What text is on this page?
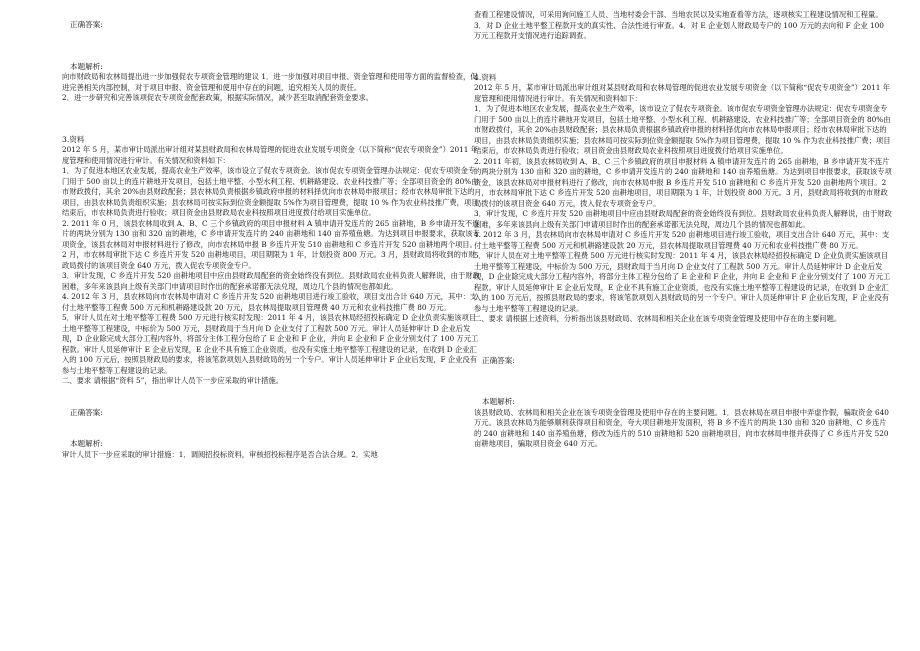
正确答案:

本题解析:

向市财政局和农林局提出进一步加强促农专项资金管理的建议 1．进一步加强对项目申报、资金管理和使用等方面的监督检查，促进完善相关内部控制，对于项目申报、资金管理和使用中存在的问题，追究相关人员的责任。

2．进一步研究和完善该项促农专项资金配套政策，根据实际情况，减少甚至取消配套资金要求。

3.资料

2012 年 5 月，某市审计局派出审计组对某县财政局和农林局管理的促进农业发展专项资金（以下简称“促农专项资金”）2011 年度管理和使用情况进行审计。有关情况和资料如下：

1．为了促进本地区农业发展，提高农业生产效率，该市设立了促农专项资金。该市促农专项资金管理办法规定：促农专项资金专门用于 500 亩以上的连片耕地开发项目，包括土地平整、小型水利工程、机耕路建设、农业科技推广等；全部项目资金的 80%由市财政拨付，其余 20%由县财政配套；县农林局负责根据乡镇政府申报的材料择优向市农林局申报项目；经市农林局审批下达的项目，由县农林局负责组织实施；县农林局可按实际到位资金额提取 5%作为项目管理费，提取 10 % 作为农业科技推广费，项目结束后，市农林局负责进行验收；项目资金由县财政局农业科按照项目进度拨付给项目实施单位。

2. 2011 年 0 月，该县农林局收到 A、B、C 三个乡镇政府的项目申报材料 A 镇申请开发连片的 265 亩耕地，B 乡申请开发不连片的两块分别为 130 亩和 320 亩的耕地，C 乡申请开发连片的 240 亩耕地和 140 亩养殖鱼塘。为达到项目申报要求，获取该专项资金，该县农林局对申报材料进行了修改，向市农林局申报 B 乡连片开发 510 亩耕地和 C 乡连片开发 520 亩耕地两个项目。2 月，市农林局审批下达 C 乡连片开发 520 亩耕地项目，项目期限为 1 年，计划投资 800 万元。3 月，县财政局将收到的市财政局拨付的该项目资金 640 万元，拨入促农专项资金专户。

3．审计发现，C 乡连片开发 520 亩耕地项目中应由县财政局配套的资金始终没有到位。县财政局农业科负责人解释说，由于财政困难，多年来该县向上级有关部门申请项目时作出的配套承诺都无法兑现，周边几个县的情况也都如此。

4. 2012 年 3 月，县农林局向市农林局申请对 C 乡连片开发 520 亩耕地项目进行竣工验收，项目支出合计 640 万元，其中：支付土地平整等工程费 500 万元和机耕路建设款 20 万元，县农林局提取项目管理费 40 万元和农业科技推广费 80 万元。

5．审计人员在对土地平整等工程费 500 万元进行核实时发现：2011 年 4 月，该县农林局经招投标确定 D 企业负责实施该项目土地平整等工程建设，中标价为 500 万元，县财政局于当月向 D 企业支付了工程款 500 万元。审计人员延伸审计 D 企业后发现，D 企业除完成大部分工程内容外，将部分主体工程分包给了 E 企业和 F 企业，并向 E 企业和 F 企业分别支付了 100 万元工程款。审计人员延伸审计 E 企业后发现，E 企业不具有施工企业资质，也没有实施土地平整等工程建设的记录，在收到 D 企业汇入的 100 万元后，按照县财政局的要求，将该笔款项划入县财政局的另一个专户。审计人员延伸审计 F 企业后发现，F 企业没有参与土地平整等工程建设的记录。

二、要求 请根据“资料 5”，指出审计人员下一步应采取的审计措施。

正确答案:

本题解析:

审计人员下一步应采取的审计措施：1．调阅招投标资料，审核招投标程序是否合法合规。2．实地

查看工程建设情况，可采用询问施工人员、当地村委会干部、当地农民以及实地查看等方法，逐项核实工程建设情况和工程量。3．对 D 企业土地平整工程款开支的真实性、合法性进行审查。4．对 E 企业划人财政局专户的 100 万元的去向和 F 企业 100 万元工程款开支情况进行追踪调查。

4.资料

2012 年 5 月，某市审计局派出审计组对某县财政局和农林局管理的促进农业发展专项资金（以下简称“促农专项资金”）2011 年度管理和使用情况进行审计。有关情况和资料如下：

1．为了促进本地区农业发展，提高农业生产效率，该市设立了促农专项资金。该市促农专项资金管理办法规定：促农专项资金专门用于 500 亩以上的连片耕地开发项目，包括土地平整、小型水利工程、机耕路建设、农业科技推广等；全部项目资金的 80%由市财政拨付，其余 20%由县财政配套；县农林局负责根据乡镇政府申报的材料择优向市农林局申报项目；经市农林局审批下达的项目，由县农林局负责组织实施；县农林局可按实际到位资金额提取 5%作为项目管理费，提取 10 % 作为农业科技推广费；项目结束后，市农林局负责进行验收；项目资金由县财政局农业科按照项目进度拨付给项目实施单位。

2. 2011 年初，该县农林局收到 A、B、C 三个乡镇政府的项目申报材料 A 镇申请开发连片的 265 亩耕地，B 乡申请开发不连片的两块分别为 130 亩和 320 亩的耕地，C 乡申请开发连片的 240 亩耕地和 140 亩养殖鱼塘。为达到项目申报要求，获取该专项资金，该县农林局对申报材料进行了修改，向市农林局申报 B 乡连片开发 510 亩耕地和 C 乡连片开发 520 亩耕地两个项目。2 月，市农林局审批下达 C 乡连片开发 520 亩耕地项目，项目期限为 1 年，计划投资 800 万元。3 月，县财政局将收到的市财政局拨付的该项目资金 640 万元，拨入促农专项资金专户。

3．审计发现，C 乡连片开发 520 亩耕地项目中应由县财政局配套的资金始终没有到位。县财政局农业科负责人解释说，由于财政困难，多年来该县向上级有关部门申请项目时作出的配套承诺都无法兑现，周边几个县的情况也都如此。

4. 2012 年 3 月，县农林局向市农林局申请对 C 乡连片开发 520 亩耕地项目进行竣工验收，项目支出合计 640 万元，其中：支付土地平整等工程费 500 万元和机耕路建设款 20 万元，县农林局提取项目管理费 40 万元和农业科技推广费 80 万元。

5．审计人员在对土地平整等工程费 500 万元进行核实时发现：2011 年 4 月，该县农林局经招投标确定 D 企业负责实施该项目土地平整等工程建设，中标价为 500 万元，县财政局于当月向 D 企业支付了工程款 500 万元。审计人员延伸审计 D 企业后发现，D 企业除完成大部分工程内容外，将部分主体工程分包给了 E 企业和 F 企业，并向 E 企业和 F 企业分别支付了 100 万元工程款。审计人员延伸审计 E 企业后发现，E 企业不具有施工企业资质，也没有实施土地平整等工程建设的记录，在收到 D 企业汇入的 100 万元后，按照县财政局的要求，将该笔款项划入县财政局的另一个专户。审计人员延伸审计 F 企业后发现，F 企业没有参与土地平整等工程建设的记录。

二、要求 请根据上述资料，分析指出该县财政局、农林局和相关企业在该专项资金管理及使用中存在的主要问题。

正确答案:

本题解析:

该县财政局、农林局和相关企业在该专项资金管理及使用中存在的主要问题。1．县农林局在项目申报中弄虚作假，骗取资金 640 万元。该县农林局为能够顺利获得项目和资金，夸大项目耕地开发面积，将 B 乡不连片的两块 130 亩和 320 亩耕地、C 乡连片的 240 亩耕地和 140 亩养殖鱼塘，修改为连片的 510 亩耕地和 520 亩耕地项目，向市农林局申报并获得了 C 乡连片开发 520 亩耕地项目，骗取项目资金 640 万元。
